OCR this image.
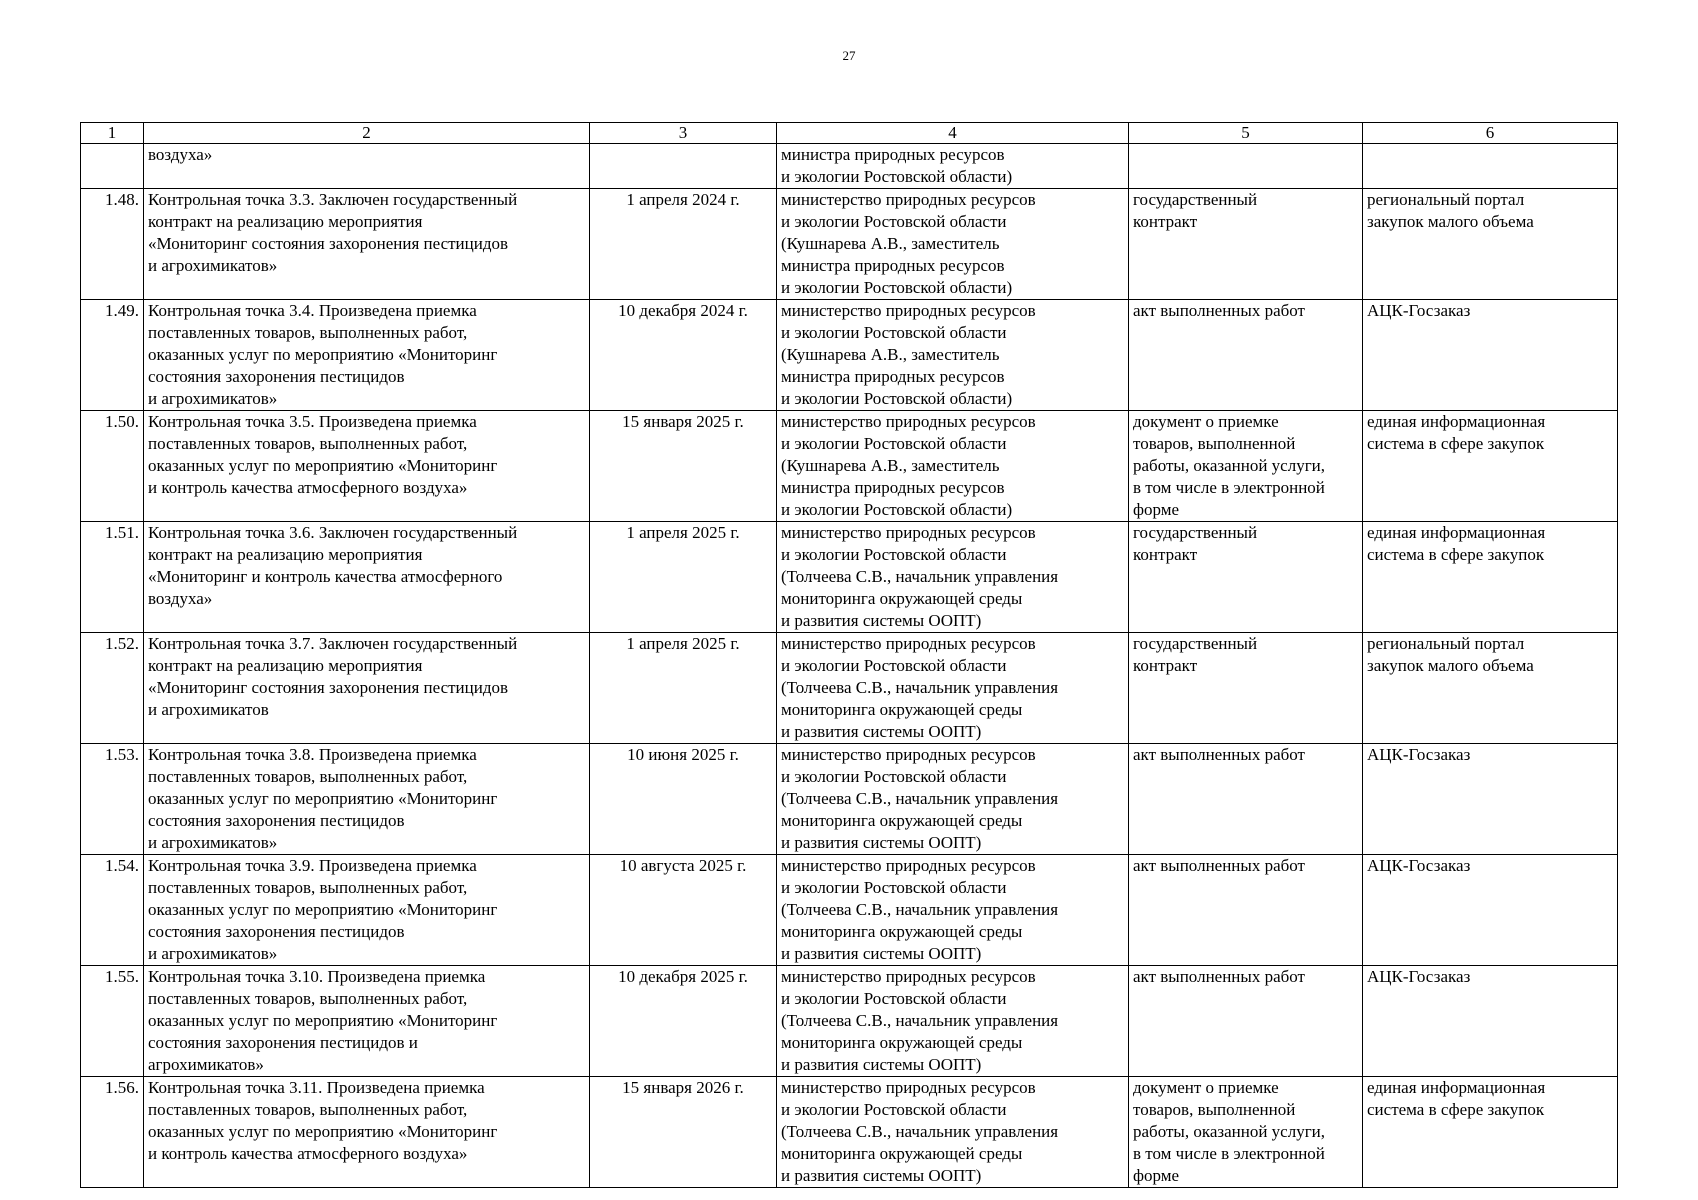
27
1	2	3	4	5	6
	воздуха»		министра природных ресурсов
и экологии Ростовской области)		
1.48.	Контрольная точка 3.3. Заключен государственный
контракт на реализацию мероприятия
«Мониторинг состояния захоронения пестицидов
и агрохимикатов»	1 апреля 2024 г.	министерство природных ресурсов
и экологии Ростовской области
(Кушнарева А.В., заместитель
министра природных ресурсов
и экологии Ростовской области)	государственный
контракт	региональный портал
закупок малого объема
1.49.	Контрольная точка 3.4. Произведена приемка
поставленных товаров, выполненных работ,
оказанных услуг по мероприятию «Мониторинг
состояния захоронения пестицидов
и агрохимикатов»	10 декабря 2024 г.	министерство природных ресурсов
и экологии Ростовской области
(Кушнарева А.В., заместитель
министра природных ресурсов
и экологии Ростовской области)	акт выполненных работ	АЦК-Госзаказ
1.50.	Контрольная точка 3.5. Произведена приемка
поставленных товаров, выполненных работ,
оказанных услуг по мероприятию «Мониторинг
и контроль качества атмосферного воздуха»	15 января 2025 г.	министерство природных ресурсов
и экологии Ростовской области
(Кушнарева А.В., заместитель
министра природных ресурсов
и экологии Ростовской области)	документ о приемке
товаров, выполненной
работы, оказанной услуги,
в том числе в электронной
форме	единая информационная
система в сфере закупок
1.51.	Контрольная точка 3.6. Заключен государственный
контракт на реализацию мероприятия
«Мониторинг и контроль качества атмосферного
воздуха»	1 апреля 2025 г.	министерство природных ресурсов
и экологии Ростовской области
(Толчеева С.В., начальник управления
мониторинга окружающей среды
и развития системы ООПТ)	государственный
контракт	единая информационная
система в сфере закупок
1.52.	Контрольная точка 3.7. Заключен государственный
контракт на реализацию мероприятия
«Мониторинг состояния захоронения пестицидов
и агрохимикатов	1 апреля 2025 г.	министерство природных ресурсов
и экологии Ростовской области
(Толчеева С.В., начальник управления
мониторинга окружающей среды
и развития системы ООПТ)	государственный
контракт	региональный портал
закупок малого объема
1.53.	Контрольная точка 3.8. Произведена приемка
поставленных товаров, выполненных работ,
оказанных услуг по мероприятию «Мониторинг
состояния захоронения пестицидов
и агрохимикатов»	10 июня 2025 г.	министерство природных ресурсов
и экологии Ростовской области
(Толчеева С.В., начальник управления
мониторинга окружающей среды
и развития системы ООПТ)	акт выполненных работ	АЦК-Госзаказ
1.54.	Контрольная точка 3.9. Произведена приемка
поставленных товаров, выполненных работ,
оказанных услуг по мероприятию «Мониторинг
состояния захоронения пестицидов
и агрохимикатов»	10 августа 2025 г.	министерство природных ресурсов
и экологии Ростовской области
(Толчеева С.В., начальник управления
мониторинга окружающей среды
и развития системы ООПТ)	акт выполненных работ	АЦК-Госзаказ
1.55.	Контрольная точка 3.10. Произведена приемка
поставленных товаров, выполненных работ,
оказанных услуг по мероприятию «Мониторинг
состояния захоронения пестицидов и
агрохимикатов»	10 декабря 2025 г.	министерство природных ресурсов
и экологии Ростовской области
(Толчеева С.В., начальник управления
мониторинга окружающей среды
и развития системы ООПТ)	акт выполненных работ	АЦК-Госзаказ
1.56.	Контрольная точка 3.11. Произведена приемка
поставленных товаров, выполненных работ,
оказанных услуг по мероприятию «Мониторинг
и контроль качества атмосферного воздуха»	15 января 2026 г.	министерство природных ресурсов
и экологии Ростовской области
(Толчеева С.В., начальник управления
мониторинга окружающей среды
и развития системы ООПТ)	документ о приемке
товаров, выполненной
работы, оказанной услуги,
в том числе в электронной
форме	единая информационная
система в сфере закупок
